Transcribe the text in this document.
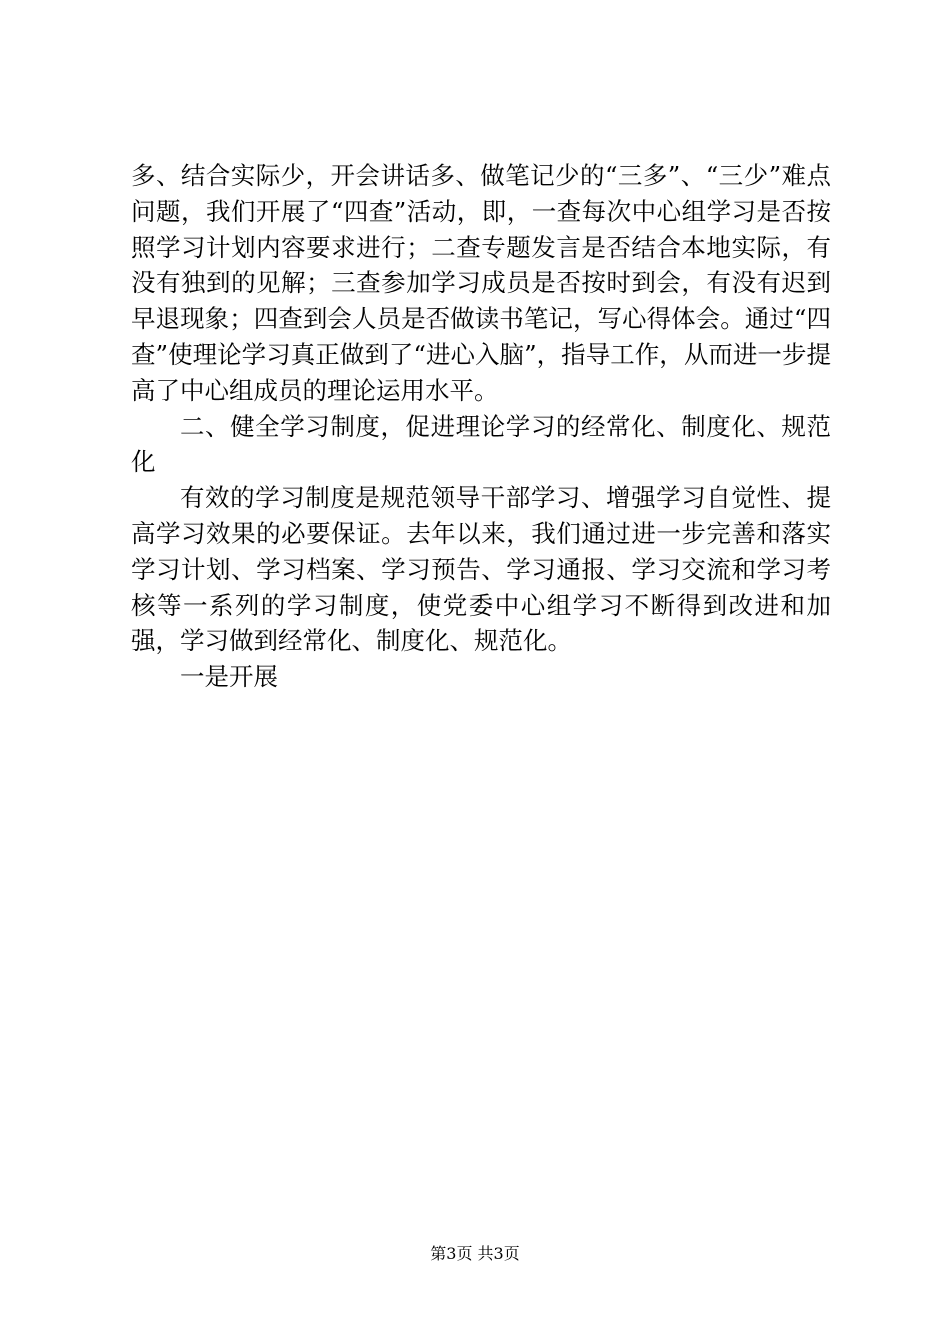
多、结合实际少，开会讲话多、做笔记少的“三多”、“三少”难点问题，我们开展了“四查”活动，即，一查每次中心组学习是否按照学习计划内容要求进行；二查专题发言是否结合本地实际，有没有独到的见解；三查参加学习成员是否按时到会，有没有迟到早退现象；四查到会人员是否做读书笔记，写心得体会。通过“四查”使理论学习真正做到了“进心入脑”，指导工作，从而进一步提高了中心组成员的理论运用水平。

二、健全学习制度，促进理论学习的经常化、制度化、规范化

有效的学习制度是规范领导干部学习、增强学习自觉性、提高学习效果的必要保证。去年以来，我们通过进一步完善和落实学习计划、学习档案、学习预告、学习通报、学习交流和学习考核等一系列的学习制度，使党委中心组学习不断得到改进和加强，学习做到经常化、制度化、规范化。

一是开展

第3页 共3页
